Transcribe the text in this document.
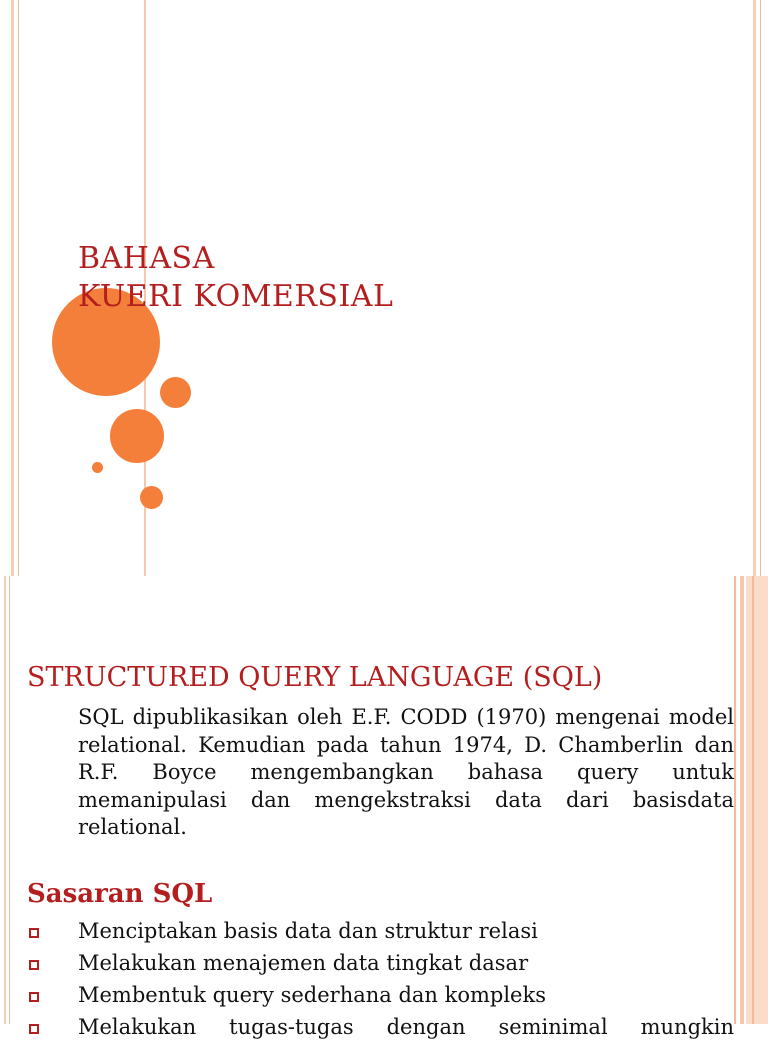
BAHASA
KUERI KOMERSIAL
STRUCTURED QUERY LANGUAGE (SQL)

SQL dipublikasikan oleh E.F. CODD (1970) mengenai model relational. Kemudian pada tahun 1974, D. Chamberlin dan R.F. Boyce mengembangkan bahasa query untuk memanipulasi dan mengekstraksi data dari basisdata relational.

Sasaran SQL
Menciptakan basis data dan struktur relasi
Melakukan menajemen data tingkat dasar
Membentuk query sederhana dan kompleks
Melakukan tugas-tugas dengan seminimal mungkin
